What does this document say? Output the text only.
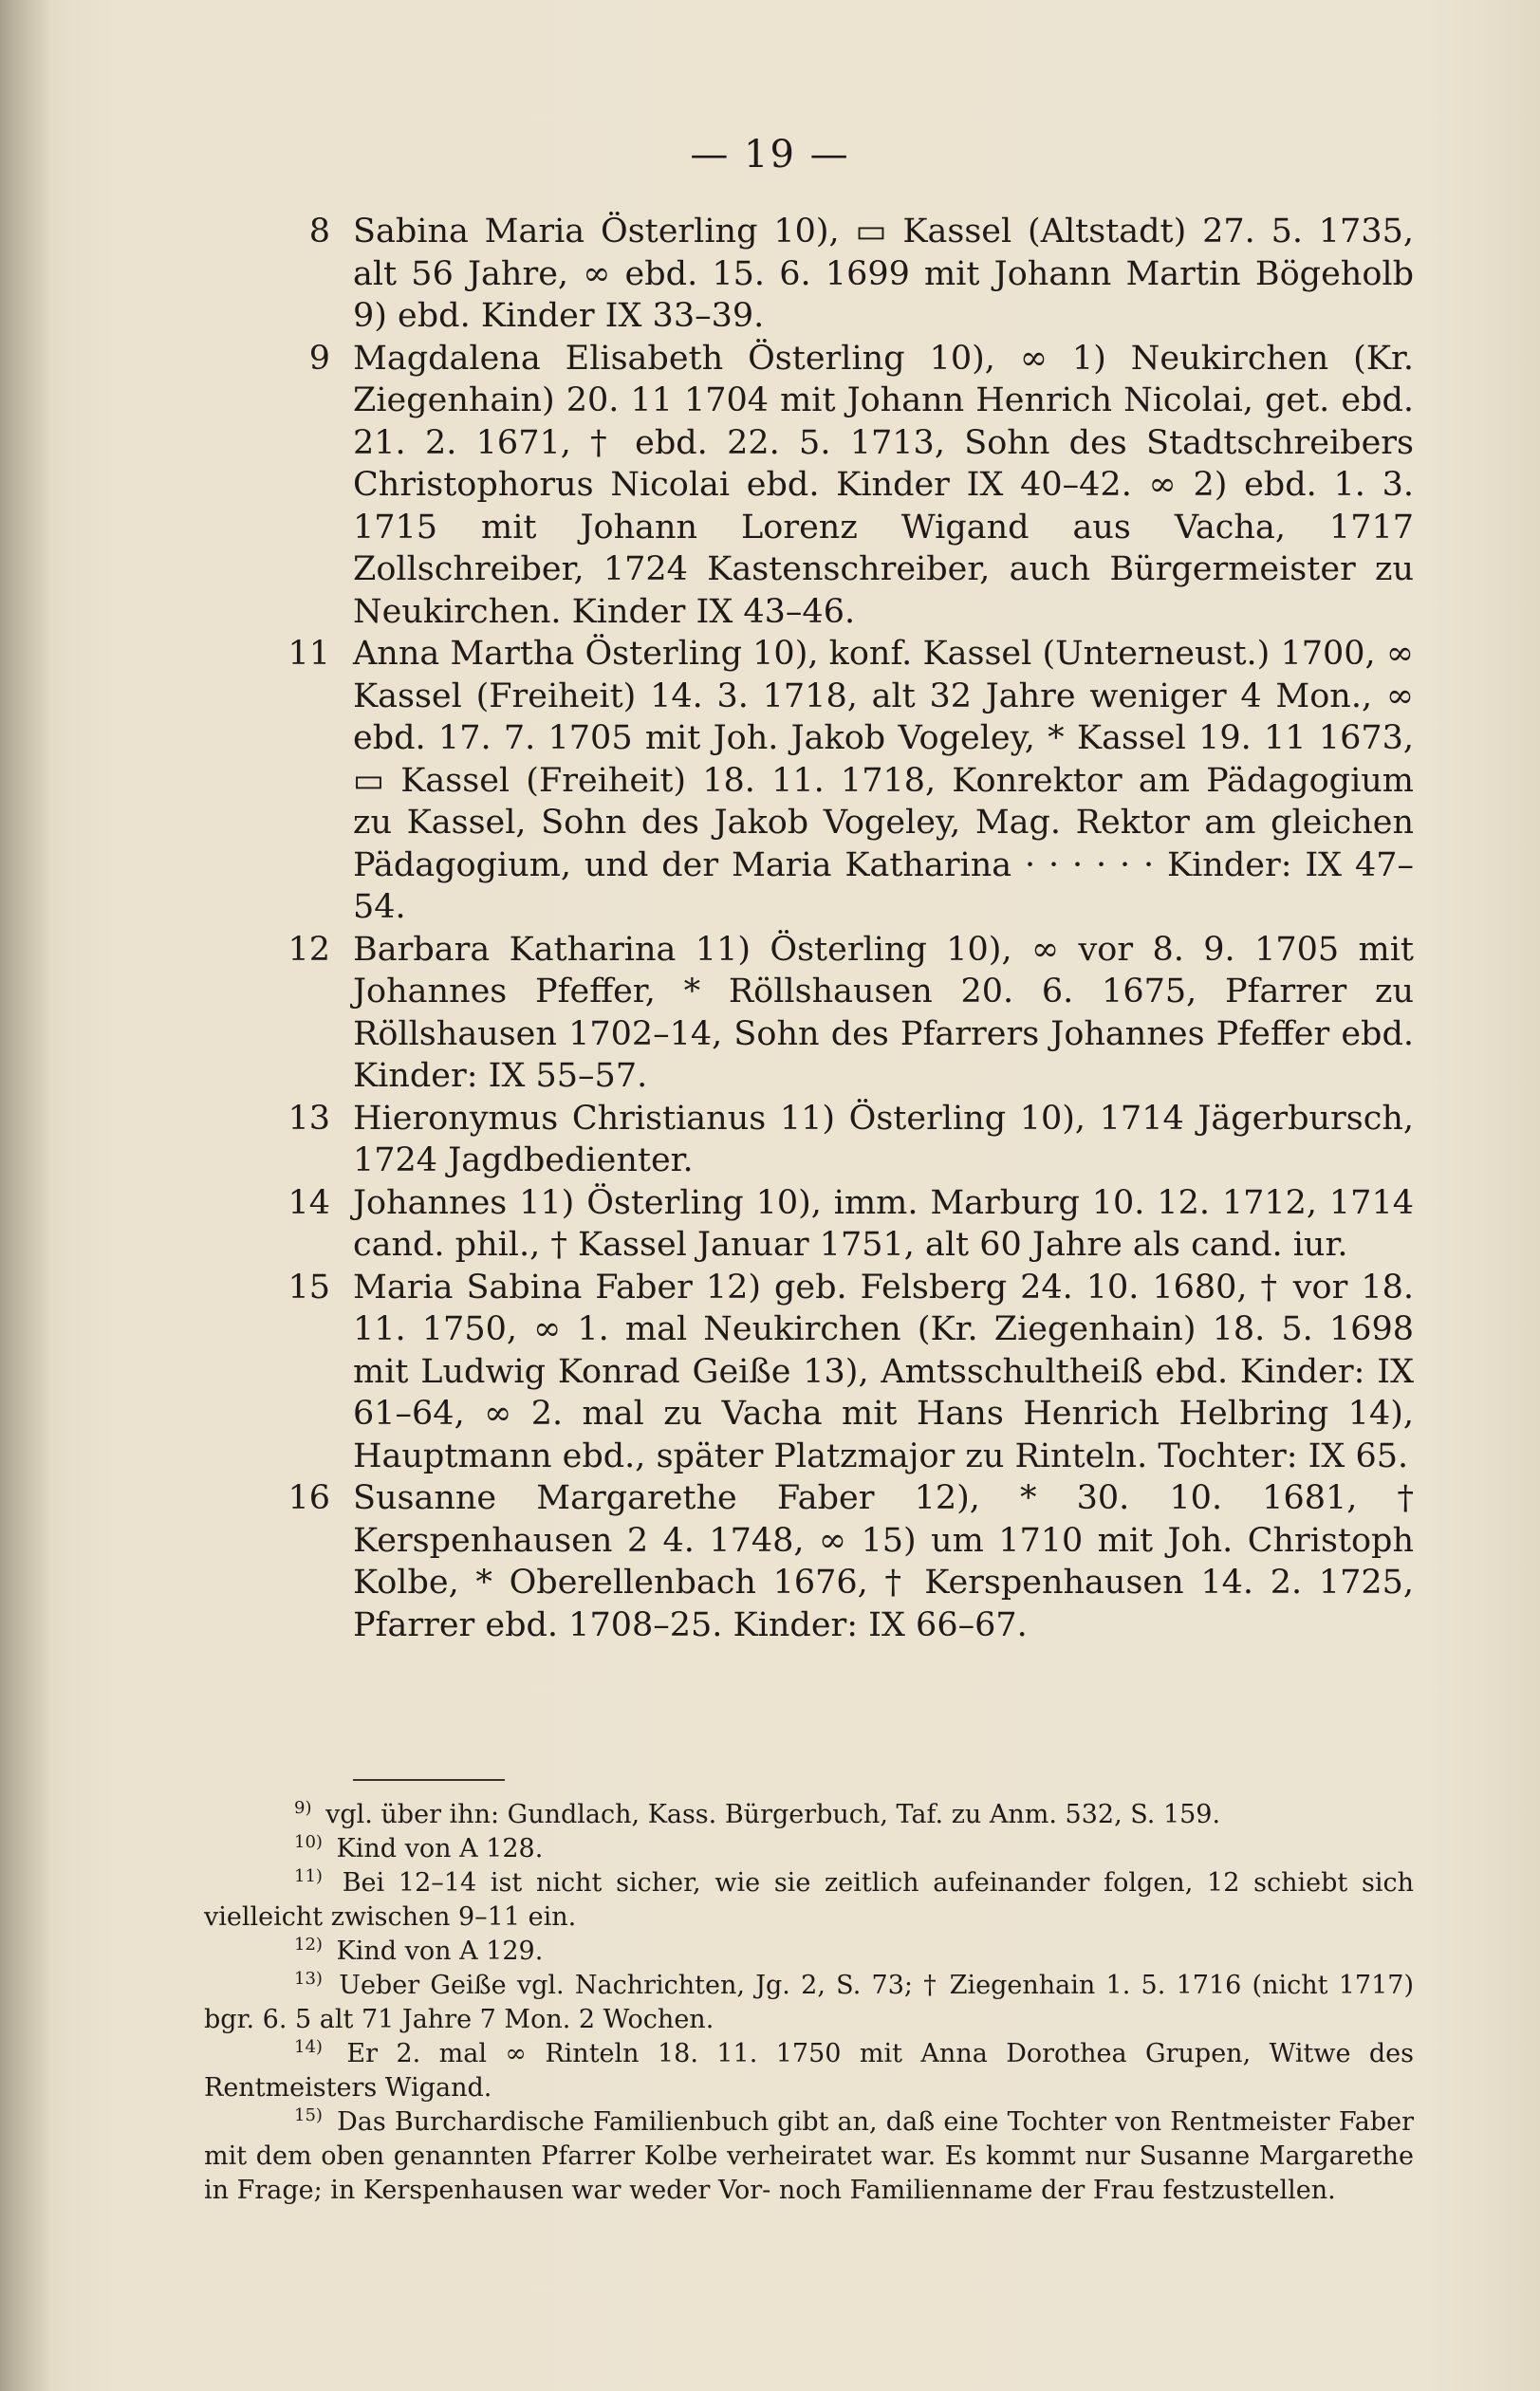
— 19 —
8 Sabina Maria Österling 10), ▭ Kassel (Altstadt) 27. 5. 1735, alt 56 Jahre, ∞ ebd. 15. 6. 1699 mit Johann Martin Bögeholb 9) ebd. Kinder IX 33–39.
9 Magdalena Elisabeth Österling 10), ∞ 1) Neukirchen (Kr. Ziegenhain) 20. 11 1704 mit Johann Henrich Nicolai, get. ebd. 21. 2. 1671, † ebd. 22. 5. 1713, Sohn des Stadtschreibers Christophorus Nicolai ebd. Kinder IX 40–42. ∞ 2) ebd. 1. 3. 1715 mit Johann Lorenz Wigand aus Vacha, 1717 Zollschreiber, 1724 Kastenschreiber, auch Bürgermeister zu Neukirchen. Kinder IX 43–46.
11 Anna Martha Österling 10), konf. Kassel (Unterneust.) 1700, ∞ Kassel (Freiheit) 14. 3. 1718, alt 32 Jahre weniger 4 Mon., ∞ ebd. 17. 7. 1705 mit Joh. Jakob Vogeley, * Kassel 19. 11 1673, ▭ Kassel (Freiheit) 18. 11. 1718, Konrektor am Pädagogium zu Kassel, Sohn des Jakob Vogeley, Mag. Rektor am gleichen Pädagogium, und der Maria Katharina · · · · · · Kinder: IX 47–54.
12 Barbara Katharina 11) Österling 10), ∞ vor 8. 9. 1705 mit Johannes Pfeffer, * Röllshausen 20. 6. 1675, Pfarrer zu Röllshausen 1702–14, Sohn des Pfarrers Johannes Pfeffer ebd. Kinder: IX 55–57.
13 Hieronymus Christianus 11) Österling 10), 1714 Jägerbursch, 1724 Jagdbedienter.
14 Johannes 11) Österling 10), imm. Marburg 10. 12. 1712, 1714 cand. phil., † Kassel Januar 1751, alt 60 Jahre als cand. iur.
15 Maria Sabina Faber 12) geb. Felsberg 24. 10. 1680, † vor 18. 11. 1750, ∞ 1. mal Neukirchen (Kr. Ziegenhain) 18. 5. 1698 mit Ludwig Konrad Geiße 13), Amtsschultheiß ebd. Kinder: IX 61–64, ∞ 2. mal zu Vacha mit Hans Henrich Helbring 14), Hauptmann ebd., später Platzmajor zu Rinteln. Tochter: IX 65.
16 Susanne Margarethe Faber 12), * 30. 10. 1681, † Kerspenhausen 2 4. 1748, ∞ 15) um 1710 mit Joh. Christoph Kolbe, * Oberellenbach 1676, † Kerspenhausen 14. 2. 1725, Pfarrer ebd. 1708–25. Kinder: IX 66–67.
$^{9)}$ vgl. über ihn: Gundlach, Kass. Bürgerbuch, Taf. zu Anm. 532, S. 159.
$^{10)}$ Kind von A 128.
$^{11)}$ Bei 12–14 ist nicht sicher, wie sie zeitlich aufeinander folgen, 12 schiebt sich vielleicht zwischen 9–11 ein.
$^{12)}$ Kind von A 129.
$^{13)}$ Ueber Geiße vgl. Nachrichten, Jg. 2, S. 73; † Ziegenhain 1. 5. 1716 (nicht 1717) bgr. 6. 5 alt 71 Jahre 7 Mon. 2 Wochen.
$^{14)}$ Er 2. mal ∞ Rinteln 18. 11. 1750 mit Anna Dorothea Grupen, Witwe des Rentmeisters Wigand.
$^{15)}$ Das Burchardische Familienbuch gibt an, daß eine Tochter von Rentmeister Faber mit dem oben genannten Pfarrer Kolbe verheiratet war. Es kommt nur Susanne Margarethe in Frage; in Kerspenhausen war weder Vor- noch Familienname der Frau festzustellen.
